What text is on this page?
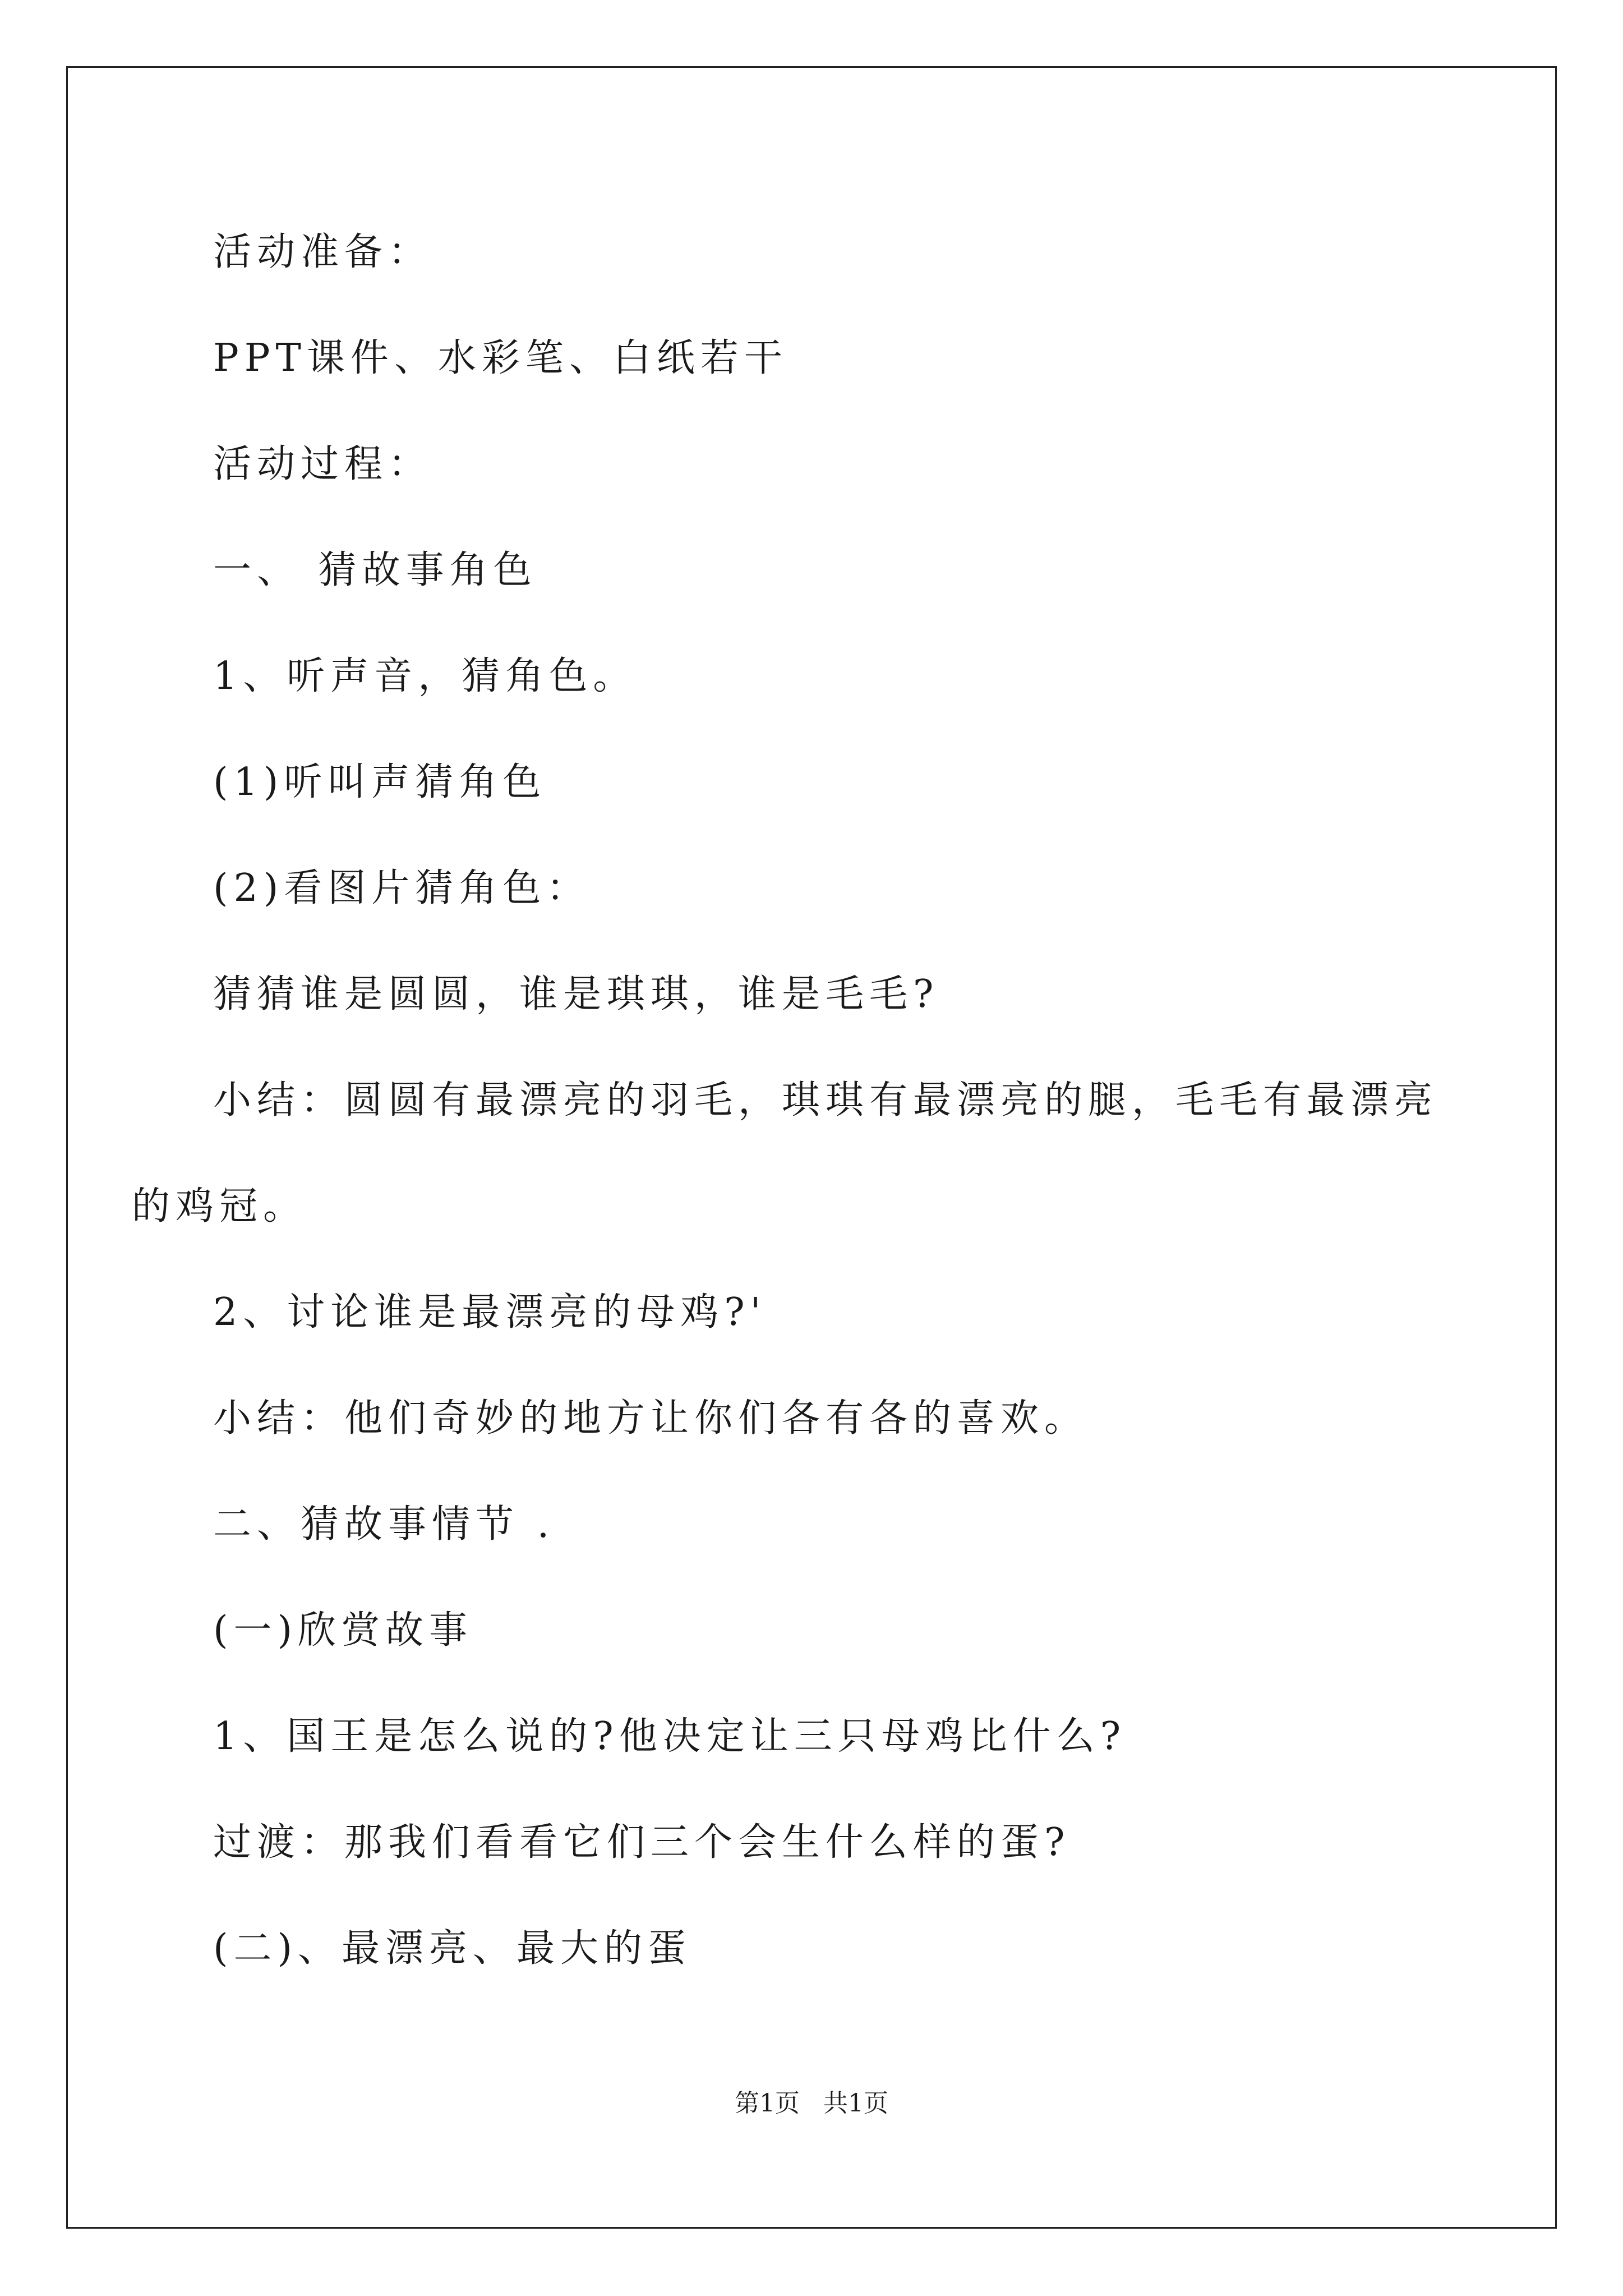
活动准备：
PPT课件、水彩笔、白纸若干
活动过程：
一、 猜故事角色
1、听声音，猜角色。
(1)听叫声猜角色
(2)看图片猜角色：
猜猜谁是圆圆，谁是琪琪，谁是毛毛?
小结：圆圆有最漂亮的羽毛，琪琪有最漂亮的腿，毛毛有最漂亮
的鸡冠。
2、讨论谁是最漂亮的母鸡?'
小结：他们奇妙的地方让你们各有各的喜欢。
二、猜故事情节 .
(一)欣赏故事
1、国王是怎么说的?他决定让三只母鸡比什么?
过渡：那我们看看它们三个会生什么样的蛋?
(二)、最漂亮、最大的蛋
第1页   共1页
